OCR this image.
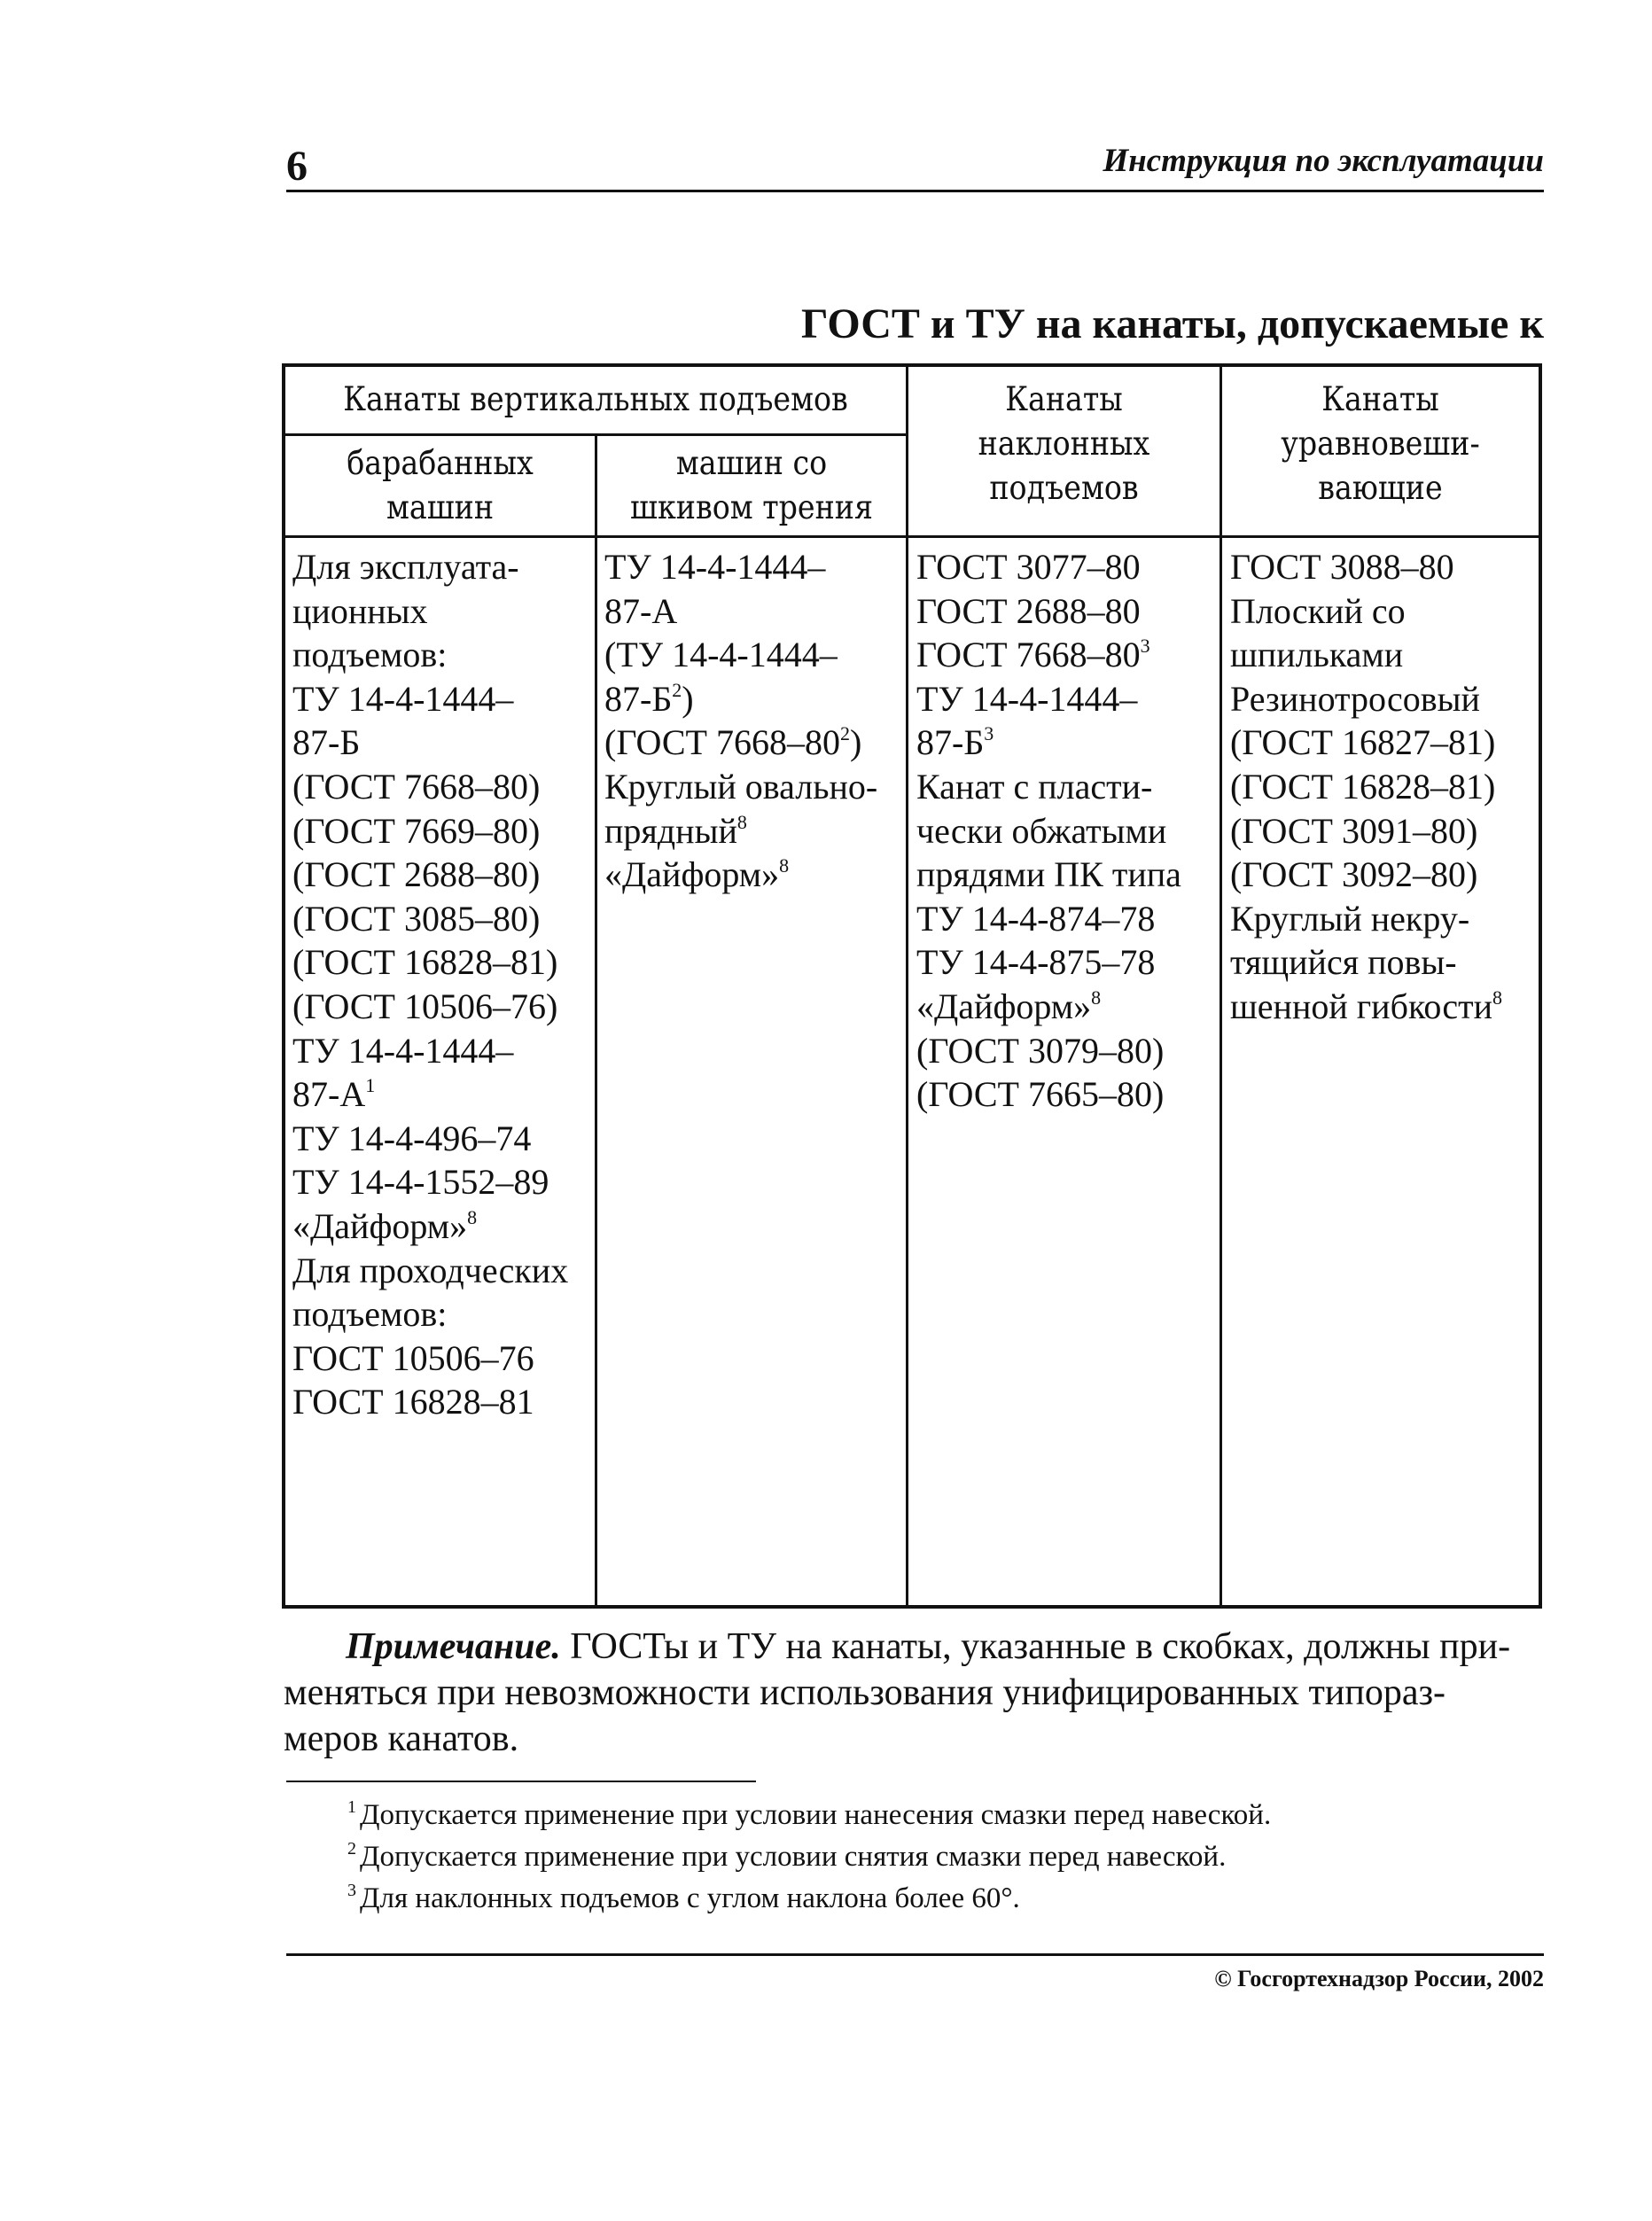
6	Инструкция по эксплуатации
ГОСТ и ТУ на канаты, допускаемые к
Канаты вертикальных подъемов
барабанных
машин
машин со
шкивом трения
Канаты
наклонных
подъемов
Канаты
уравновеши-
вающие
Для эксплуата-
ционных
подъемов:
ТУ 14-4-1444–
87-Б
(ГОСТ 7668–80)
(ГОСТ 7669–80)
(ГОСТ 2688–80)
(ГОСТ 3085–80)
(ГОСТ 16828–81)
(ГОСТ 10506–76)
ТУ 14-4-1444–
$87-А^1$
ТУ 14-4-496–74
ТУ 14-4-1552–89
«Дайформ»$^8$
Для проходческих
подъемов:
ГОСТ 10506–76
ГОСТ 16828–81
ТУ 14-4-1444–
87-А
(ТУ 14-4-1444–
$87-Б^2$)
(ГОСТ $7668-80^2$)
Круглый овально-
прядный$^8$
«Дайформ»$^8$
ГОСТ 3077–80
ГОСТ 2688–80
ГОСТ $7668-80^3$
ТУ 14-4-1444–
$87-Б^3$
Канат с пласти-
чески обжатыми
прядями ПК типа
ТУ 14-4-874–78
ТУ 14-4-875–78
«Дайформ»$^8$
(ГОСТ 3079–80)
(ГОСТ 7665–80)
ГОСТ 3088–80
Плоский со
шпильками
Резинотросовый
(ГОСТ 16827–81)
(ГОСТ 16828–81)
(ГОСТ 3091–80)
(ГОСТ 3092–80)
Круглый некру-
тящийся повы-
шенной гибкости$^8$
Примечание. ГОСТы и ТУ на канаты, указанные в скобках, должны при-
меняться при невозможности использования унифицированных типораз-
меров канатов.
$^1$ Допускается применение при условии нанесения смазки перед навеской.
$^2$ Допускается применение при условии снятия смазки перед навеской.
$^3$ Для наклонных подъемов с углом наклона более 60°.
© Госгортехнадзор России, 2002
